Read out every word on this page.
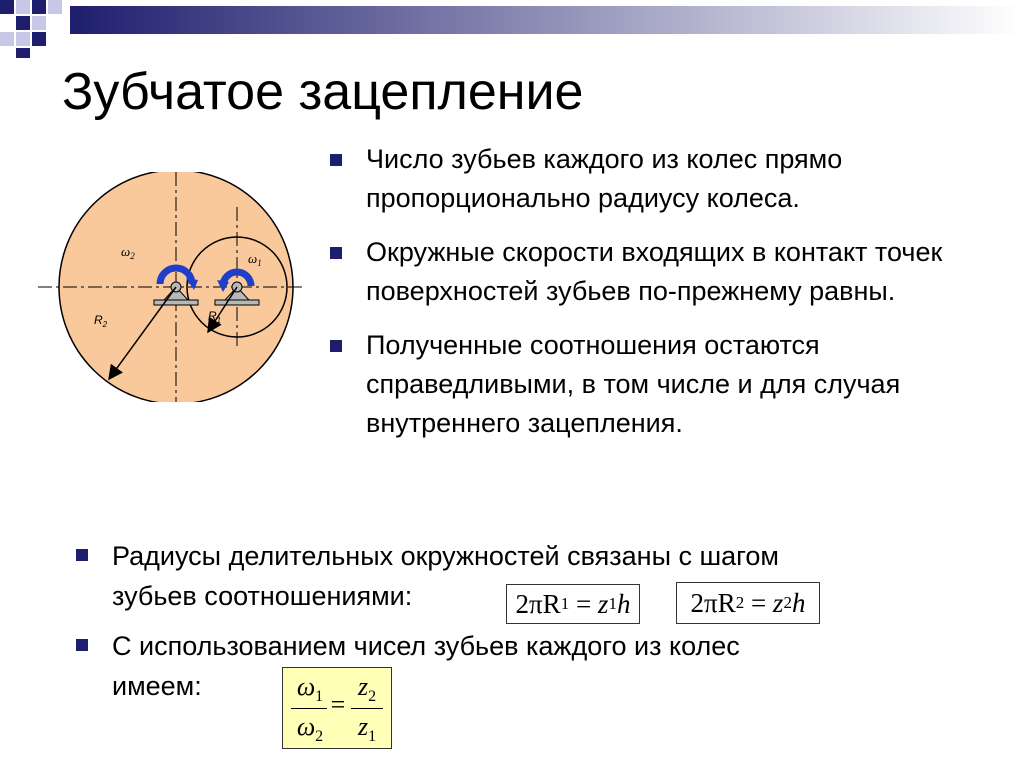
Зубчатое зацепление
$\omega_2$	$\omega_1$
$R_2$
$R_1$
Число зубьев каждого из колес прямо пропорционально радиусу колеса.
Окружные скорости входящих в контакт точек поверхностей зубьев по-прежнему равны.
Полученные соотношения остаются справедливыми, в том числе и для случая внутреннего зацепления.
Радиусы делительных окружностей связаны с шагом
зубьев соотношениями:	2πR 1 = z 1 h 2πR 2 = z 2 h
С использованием чисел зубьев каждого из колес
имеем:	$\omega_1$
$\omega_2$
=
$z_2$
$z_1$
